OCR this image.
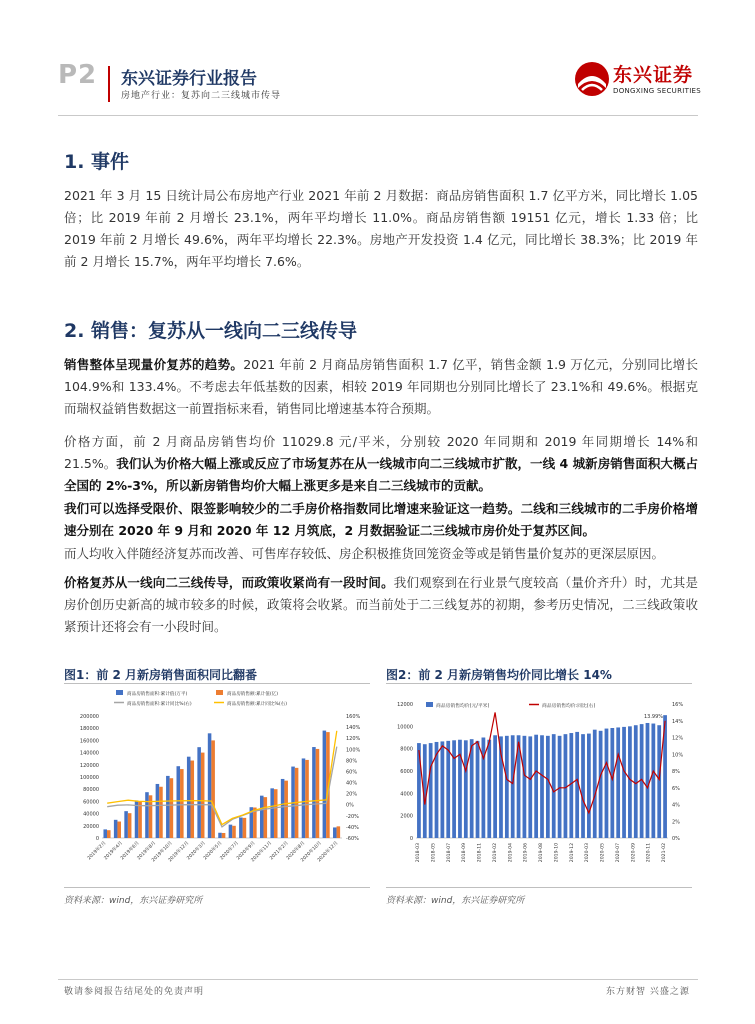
P2 东兴证券行业报告
房地产行业：复苏向二三线城市传导
东兴证券
DONGXING SECURITIES
1. 事件
2021 年 3 月 15 日统计局公布房地产行业 2021 年前 2 月数据：商品房销售面积 1.7 亿平方米，同比增长 1.05 倍；比 2019 年前 2 月增长 23.1%，两年平均增长 11.0%。商品房销售额 19151 亿元，增长 1.33 倍；比 2019 年前 2 月增长 49.6%，两年平均增长 22.3%。房地产开发投资 1.4 亿元，同比增长 38.3%；比 2019 年前 2 月增长 15.7%，两年平均增长 7.6%。
2. 销售：复苏从一线向二三线传导
销售整体呈现量价复苏的趋势。2021 年前 2 月商品房销售面积 1.7 亿平，销售金额 1.9 万亿元，分别同比增长 104.9%和 133.4%。不考虑去年低基数的因素，相较 2019 年同期也分别同比增长了 23.1%和 49.6%。根据克而瑞权益销售数据这一前置指标来看，销售同比增速基本符合预期。
价格方面，前 2 月商品房销售均价 11029.8 元/平米，分别较 2020 年同期和 2019 年同期增长 14%和 21.5%。我们认为价格大幅上涨或反应了市场复苏在从一线城市向二三线城市扩散，一线 4 城新房销售面积大概占全国的 2%-3%，所以新房销售均价大幅上涨更多是来自二三线城市的贡献。
我们可以选择受限价、限签影响较少的二手房价格指数同比增速来验证这一趋势。二线和三线城市的二手房价格增速分别在 2020 年 9 月和 2020 年 12 月筑底，2 月数据验证二三线城市房价处于复苏区间。
而人均收入伴随经济复苏而改善、可售库存较低、房企积极推货回笼资金等或是销售量价复苏的更深层原因。
价格复苏从一线向二三线传导，而政策收紧尚有一段时间。我们观察到在行业景气度较高（量价齐升）时，尤其是房价创历史新高的城市较多的时候，政策将会收紧。而当前处于二三线复苏的初期，参考历史情况，二三线政策收紧预计还将会有一小段时间。
图1：前 2 月新房销售面积同比翻番
商品房销售面积:累计值(万平)	商品房销售额:累计值(亿)
商品房销售面积:累计同比%(右)	商品房销售额:累计同比%(右)
200000
180000
160000
140000
120000
100000
80000
60000
40000
20000
0
160%
140%
120%
100%
80%
60%
40%
20%
0%
-20%
-40%
-60%
2019年2月
2019年4月
2019年6月
2019年8月
2019年10月
2019年12月
2020年3月
2020年5月
2020年7月
2020年9月
2020年11月
2021年2月
2020年8月
2020年10月
2020年12月
资料来源：wind，东兴证券研究所
图2：前 2 月新房销售均价同比增长 14%
商品房销售均价(元/平米)	商品房销售均价:同比(右)
12000
10000
8000
6000
4000
2000
0
16%
14%
12%
10%
8%
6%
4%
2%
0%
13.99%
2018-03 2018-05 2018-07 2018-09 2018-11 2019-02 2019-04 2019-06 2019-08 2019-10 2019-12 2020-03 2020-05 2020-07 2020-09 2020-11 2021-02
资料来源：wind，东兴证券研究所
敬请参阅报告结尾处的免责声明	东方财智 兴盛之源
